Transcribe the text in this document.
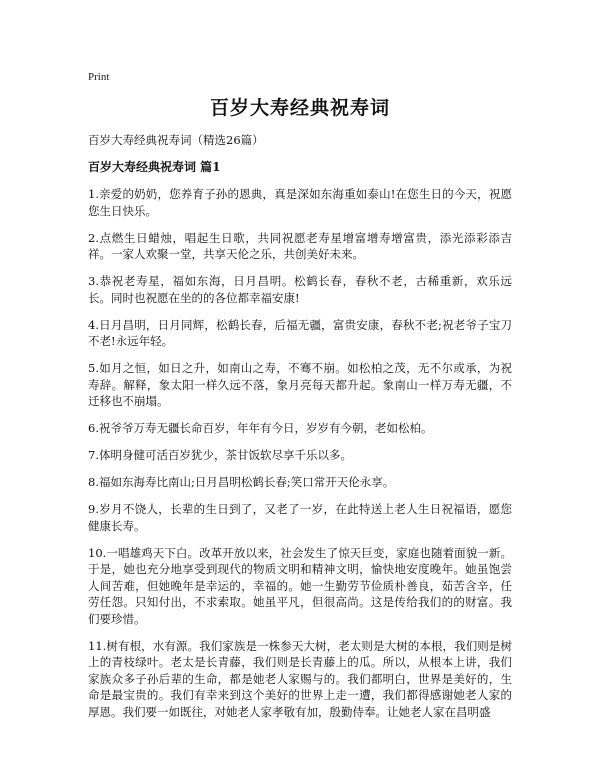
Print
百岁大寿经典祝寿词

百岁大寿经典祝寿词（精选26篇）

百岁大寿经典祝寿词 篇1

1.亲爱的奶奶，您养育子孙的恩典，真是深如东海重如泰山!在您生日的今天，祝愿您生日快乐。

2.点燃生日蜡烛，唱起生日歌，共同祝愿老寿星增富增寿增富贵，添光添彩添吉祥。一家人欢聚一堂，共享天伦之乐，共创美好未来。

3.恭祝老寿星，福如东海，日月昌明。松鹤长春，春秋不老，古稀重新，欢乐远长。同时也祝愿在坐的的各位都幸福安康!

4.日月昌明，日月同辉，松鹤长春，后福无疆，富贵安康，春秋不老;祝老爷子宝刀不老!永远年轻。

5.如月之恒，如日之升，如南山之寿，不骞不崩。如松柏之茂，无不尔或承，为祝寿辞。解释，象太阳一样久远不落，象月亮每天都升起。象南山一样万寿无疆，不迁移也不崩塌。

6.祝爷爷万寿无疆长命百岁，年年有今日，岁岁有今朝，老如松柏。

7.体明身健可活百岁犹少，茶甘饭软尽享千乐以多。

8.福如东海寿比南山;日月昌明松鹤长春;笑口常开天伦永享。

9.岁月不饶人，长辈的生日到了，又老了一岁，在此特送上老人生日祝福语，愿您健康长寿。

10.一唱雄鸡天下白。改革开放以来，社会发生了惊天巨变，家庭也随着面貌一新。于是，她也充分地享受到现代的物质文明和精神文明，愉快地安度晚年。她虽饱尝人间苦难，但她晚年是幸运的，幸福的。她一生勤劳节俭质朴善良，茹苦含辛，任劳任怨。只知付出，不求索取。她虽平凡，但很高尚。这是传给我们的的财富。我们要珍惜。

11.树有根，水有源。我们家族是一株参天大树，老太则是大树的本根，我们则是树上的青枝绿叶。老太是长青藤，我们则是长青藤上的瓜。所以，从根本上讲，我们家族众多子孙后辈的生命，都是她老人家赐与的。我们都明白，世界是美好的，生命是最宝贵的。我们有幸来到这个美好的世界上走一遭，我们都得感谢她老人家的厚恩。我们要一如既往，对她老人家孝敬有加，殷勤侍奉。让她老人家在昌明盛
